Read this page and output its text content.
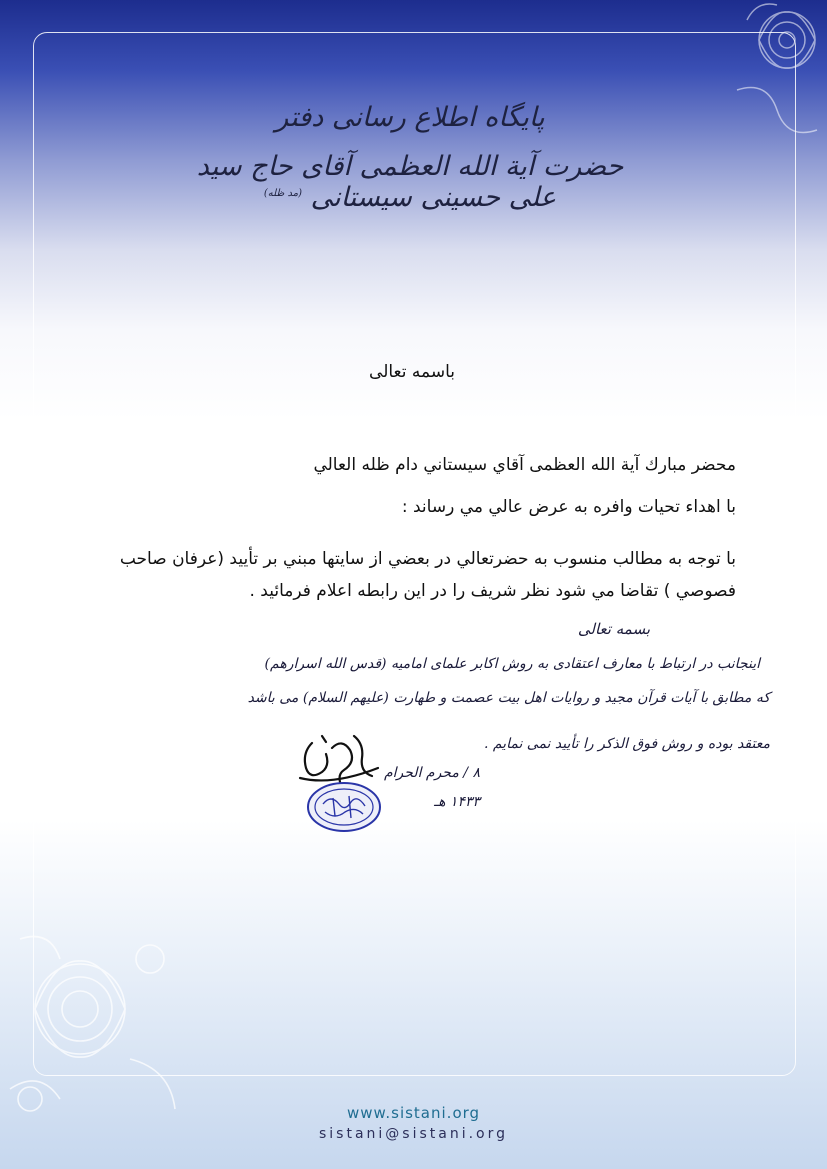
پایگاه اطلاع رسانی دفتر
حضرت آیة الله العظمی آقای حاج سید علی حسینی سیستانی $^{(مد ظله)}$
باسمه تعالی
محضر مبارك آية الله العظمى آقاي سيستاني دام ظله العالي
با اهداء تحيات وافره به عرض عالي مي رساند :
با توجه به مطالب منسوب به حضرتعالي در بعضي از سايتها مبني بر تأييد (عرفان صاحب فصوصي ) تقاضا مي شود نظر شريف را در اين رابطه اعلام فرمائيد .
بسمه تعالی
اینجانب در ارتباط با معارف اعتقادی به روش اکابر علمای امامیه (قدس الله اسرارهم)
که مطابق با آیات قرآن مجید و روایات اهل بیت عصمت و طهارت (علیهم السلام) می باشد
معتقد بوده و روش فوق الذکر را تأیید نمی نمایم .
۸ / محرم الحرام
۱۴۳۳ هـ
www.sistani.org
sistani@sistani.org
